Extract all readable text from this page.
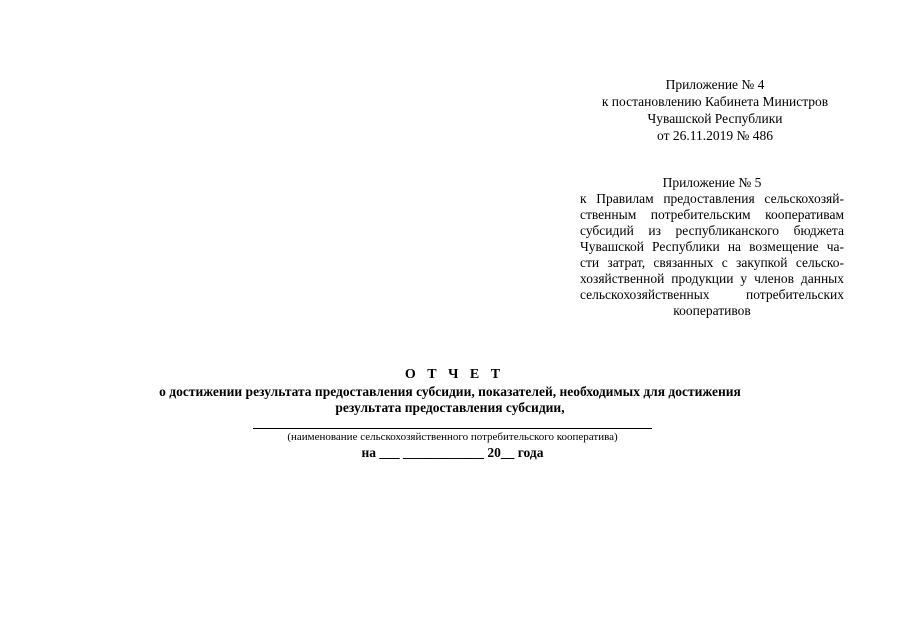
Приложение № 4
к постановлению Кабинета Министров
Чувашской Республики
от 26.11.2019 № 486
Приложение № 5
к Правилам предоставления сельскохозяй-
ственным потребительским кооперативам
субсидий из республиканского бюджета
Чувашской Республики на возмещение ча-
сти затрат, связанных с закупкой сельско-
хозяйственной продукции у членов данных
сельскохозяйственных потребительских
кооперативов
О Т Ч Е Т
о достижении результата предоставления субсидии, показателей, необходимых для достижения
результата предоставления субсидии,
(наименование сельскохозяйственного потребительского кооператива)
на ___ ____________ 20__ года
